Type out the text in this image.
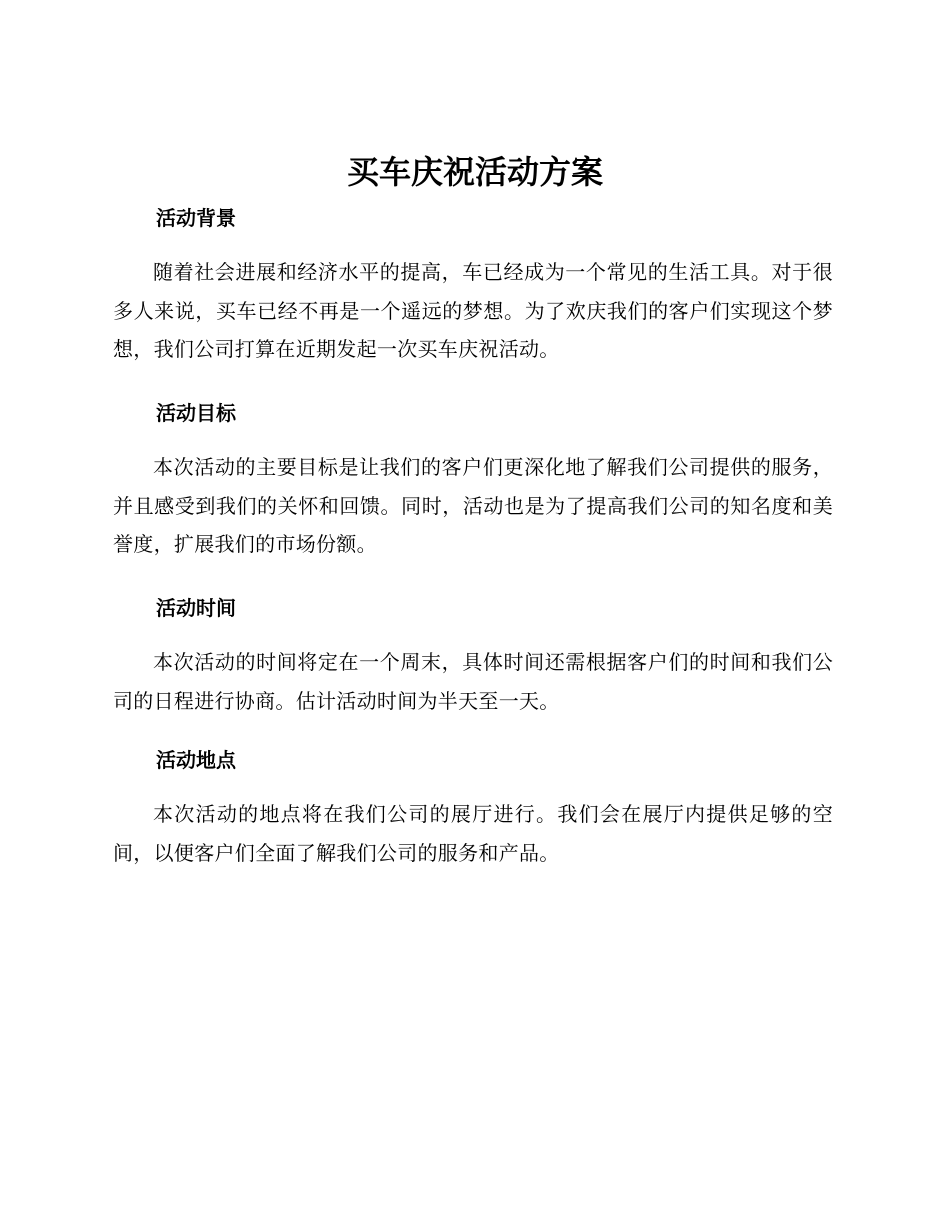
买车庆祝活动方案
活动背景

随着社会进展和经济水平的提高，车已经成为一个常见的生活工具。对于很多人来说，买车已经不再是一个遥远的梦想。为了欢庆我们的客户们实现这个梦想，我们公司打算在近期发起一次买车庆祝活动。

活动目标

本次活动的主要目标是让我们的客户们更深化地了解我们公司提供的服务，并且感受到我们的关怀和回馈。同时，活动也是为了提高我们公司的知名度和美誉度，扩展我们的市场份额。

活动时间

本次活动的时间将定在一个周末，具体时间还需根据客户们的时间和我们公司的日程进行协商。估计活动时间为半天至一天。

活动地点

本次活动的地点将在我们公司的展厅进行。我们会在展厅内提供足够的空间，以便客户们全面了解我们公司的服务和产品。
